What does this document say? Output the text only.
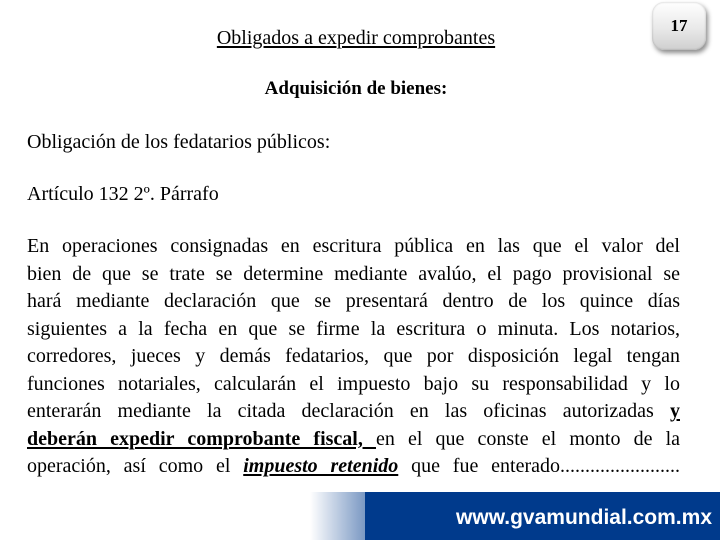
Obligados a expedir comprobantes
17
Adquisición de bienes:
Obligación de los fedatarios públicos:
Artículo 132 2º. Párrafo
En operaciones consignadas en escritura pública en las que el valor del
bien de que se trate se determine mediante avalúo, el pago provisional se
hará mediante declaración que se presentará dentro de los quince días
siguientes a la fecha en que se firme la escritura o minuta. Los notarios,
corredores, jueces y demás fedatarios, que por disposición legal tengan
funciones notariales, calcularán el impuesto bajo su responsabilidad y lo
enterarán mediante la citada declaración en las oficinas autorizadas y
deberán expedir comprobante fiscal, en el que conste el monto de la
operación, así como el impuesto retenido que fue enterado........................
www.gvamundial.com.mx
